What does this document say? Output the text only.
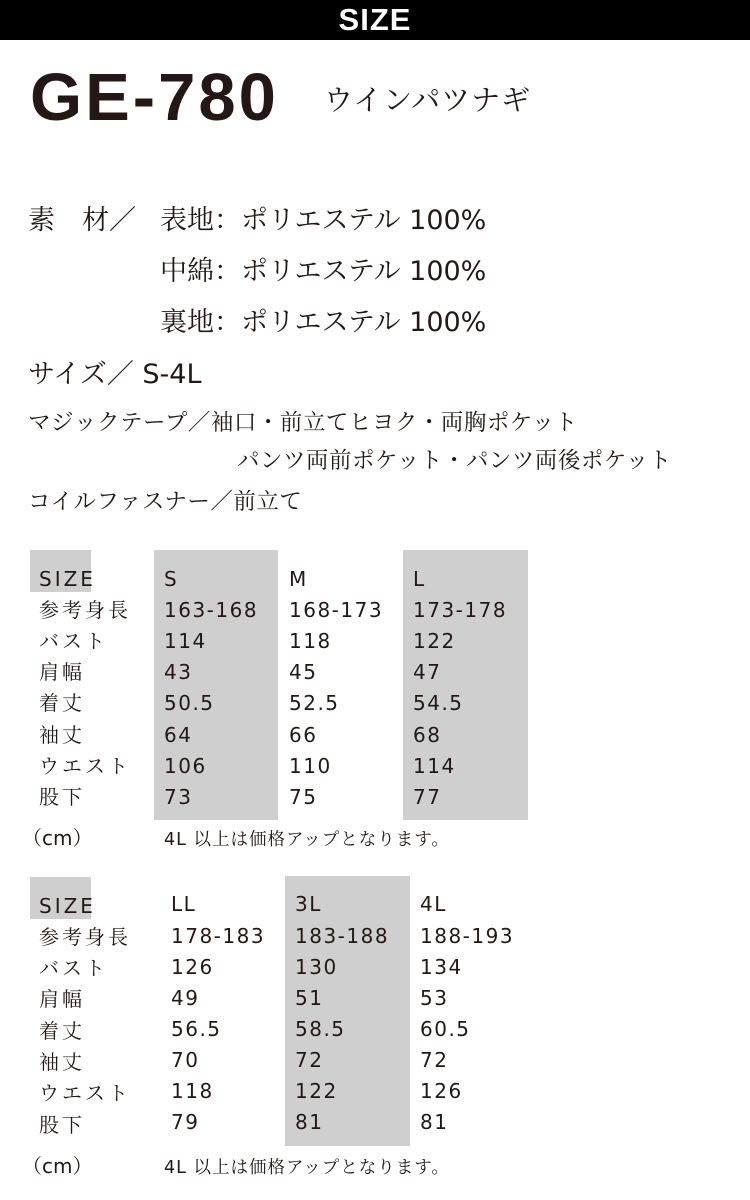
SIZE
GE-780 ウインパツナギ
素　材／ 表地：ポリエステル 100%
中綿：ポリエステル 100%
裏地：ポリエステル 100%
サイズ／ S-4L
マジックテープ／袖口・前立てヒヨク・両胸ポケット
パンツ両前ポケット・パンツ両後ポケット
コイルファスナー／前立て
SIZE
参考身長
バスト
肩幅
着丈
袖丈
ウエスト
股下
S
163-168
114
43
50.5
64
106
73
M
168-173
118
45
52.5
66
110
75
L
173-178
122
47
54.5
68
114
77
（cm）	4L 以上は価格アップとなります。
SIZE
参考身長
バスト
肩幅
着丈
袖丈
ウエスト
股下
LL
178-183
126
49
56.5
70
118
79
3L
183-188
130
51
58.5
72
122
81
4L
188-193
134
53
60.5
72
126
81
（cm）	4L 以上は価格アップとなります。
